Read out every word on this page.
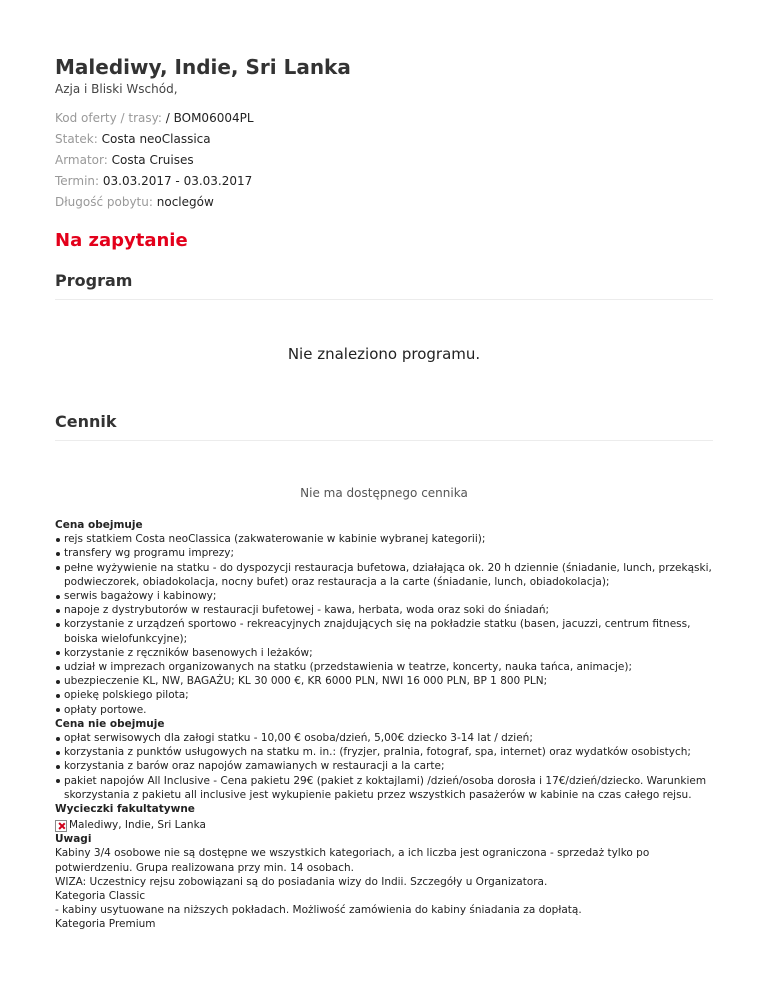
Malediwy, Indie, Sri Lanka
Azja i Bliski Wschód,
Kod oferty / trasy: / BOM06004PL
Statek: Costa neoClassica
Armator: Costa Cruises
Termin: 03.03.2017 - 03.03.2017
Długość pobytu: noclegów
Na zapytanie
Program
Nie znaleziono programu.
Cennik
Nie ma dostępnego cennika

Cena obejmuje

rejs statkiem Costa neoClassica (zakwaterowanie w kabinie wybranej kategorii);
transfery wg programu imprezy;
pełne wyżywienie na statku - do dyspozycji restauracja bufetowa, działająca ok. 20 h dziennie (śniadanie, lunch, przekąski, podwieczorek, obiadokolacja, nocny bufet) oraz restauracja a la carte (śniadanie, lunch, obiadokolacja);
serwis bagażowy i kabinowy;
napoje z dystrybutorów w restauracji bufetowej - kawa, herbata, woda oraz soki do śniadań;
korzystanie z urządzeń sportowo - rekreacyjnych znajdujących się na pokładzie statku (basen, jacuzzi, centrum fitness, boiska wielofunkcyjne);
korzystanie z ręczników basenowych i leżaków;
udział w imprezach organizowanych na statku (przedstawienia w teatrze, koncerty, nauka tańca, animacje);
ubezpieczenie KL, NW, BAGAŻU; KL 30 000 €, KR 6000 PLN, NWI 16 000 PLN, BP 1 800 PLN;
opiekę polskiego pilota;
opłaty portowe.

Cena nie obejmuje

opłat serwisowych dla załogi statku - 10,00 € osoba/dzień, 5,00€ dziecko 3-14 lat / dzień;
korzystania z punktów usługowych na statku m. in.: (fryzjer, pralnia, fotograf, spa, internet) oraz wydatków osobistych;
korzystania z barów oraz napojów zamawianych w restauracji a la carte;
pakiet napojów All Inclusive - Cena pakietu 29€ (pakiet z koktajlami) /dzień/osoba dorosła i 17€/dzień/dziecko. Warunkiem skorzystania z pakietu all inclusive jest wykupienie pakietu przez wszystkich pasażerów w kabinie na czas całego rejsu.

Wycieczki fakultatywne

Malediwy, Indie, Sri Lanka

Uwagi

Kabiny 3/4 osobowe nie są dostępne we wszystkich kategoriach, a ich liczba jest ograniczona - sprzedaż tylko po potwierdzeniu. Grupa realizowana przy min. 14 osobach.

WIZA: Uczestnicy rejsu zobowiązani są do posiadania wizy do Indii. Szczegóły u Organizatora.

Kategoria Classic

- kabiny usytuowane na niższych pokładach. Możliwość zamówienia do kabiny śniadania za dopłatą.

Kategoria Premium
